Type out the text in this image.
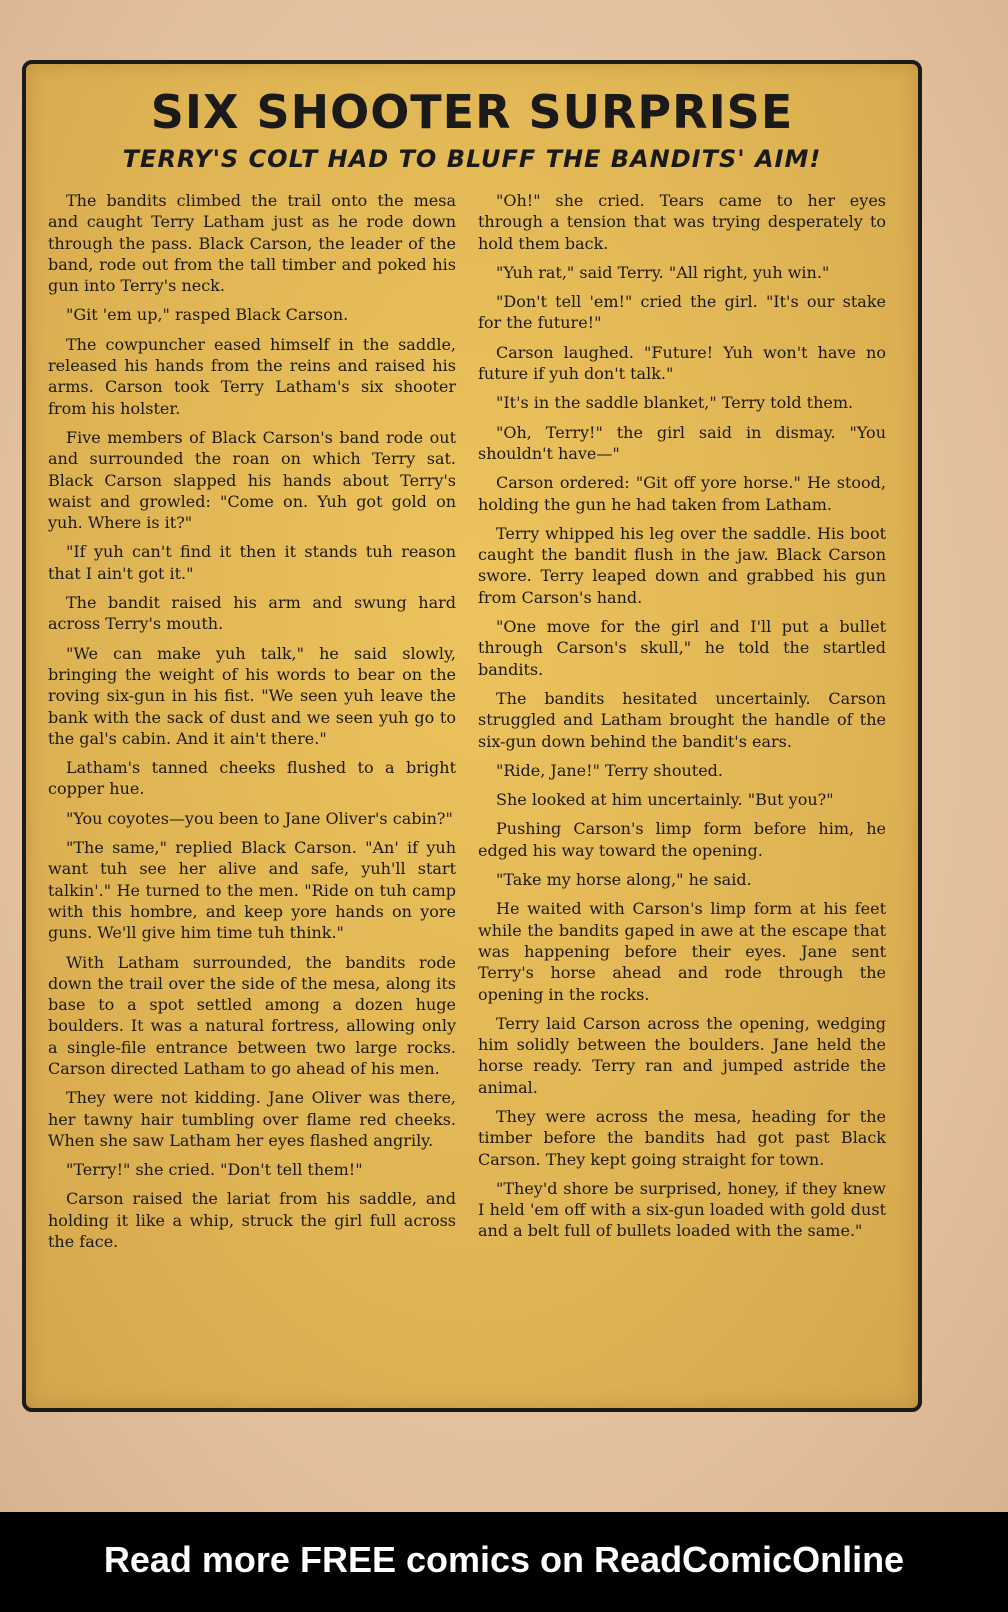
SIX SHOOTER SURPRISE
TERRY'S COLT HAD TO BLUFF THE BANDITS' AIM!

The bandits climbed the trail onto the mesa and caught Terry Latham just as he rode down through the pass. Black Carson, the leader of the band, rode out from the tall timber and poked his gun into Terry's neck.

"Git 'em up," rasped Black Carson.

The cowpuncher eased himself in the saddle, released his hands from the reins and raised his arms. Carson took Terry Latham's six shooter from his holster.

Five members of Black Carson's band rode out and surrounded the roan on which Terry sat. Black Carson slapped his hands about Terry's waist and growled: "Come on. Yuh got gold on yuh. Where is it?"

"If yuh can't find it then it stands tuh reason that I ain't got it."

The bandit raised his arm and swung hard across Terry's mouth.

"We can make yuh talk," he said slowly, bringing the weight of his words to bear on the roving six-gun in his fist. "We seen yuh leave the bank with the sack of dust and we seen yuh go to the gal's cabin. And it ain't there."

Latham's tanned cheeks flushed to a bright copper hue.

"You coyotes—you been to Jane Oliver's cabin?"

"The same," replied Black Carson. "An' if yuh want tuh see her alive and safe, yuh'll start talkin'." He turned to the men. "Ride on tuh camp with this hombre, and keep yore hands on yore guns. We'll give him time tuh think."

With Latham surrounded, the bandits rode down the trail over the side of the mesa, along its base to a spot settled among a dozen huge boulders. It was a natural fortress, allowing only a single-file entrance between two large rocks. Carson directed Latham to go ahead of his men.

They were not kidding. Jane Oliver was there, her tawny hair tumbling over flame red cheeks. When she saw Latham her eyes flashed angrily.

"Terry!" she cried. "Don't tell them!"

Carson raised the lariat from his saddle, and holding it like a whip, struck the girl full across the face.

"Oh!" she cried. Tears came to her eyes through a tension that was trying desperately to hold them back.

"Yuh rat," said Terry. "All right, yuh win."

"Don't tell 'em!" cried the girl. "It's our stake for the future!"

Carson laughed. "Future! Yuh won't have no future if yuh don't talk."

"It's in the saddle blanket," Terry told them.

"Oh, Terry!" the girl said in dismay. "You shouldn't have—"

Carson ordered: "Git off yore horse." He stood, holding the gun he had taken from Latham.

Terry whipped his leg over the saddle. His boot caught the bandit flush in the jaw. Black Carson swore. Terry leaped down and grabbed his gun from Carson's hand.

"One move for the girl and I'll put a bullet through Carson's skull," he told the startled bandits.

The bandits hesitated uncertainly. Carson struggled and Latham brought the handle of the six-gun down behind the bandit's ears.

"Ride, Jane!" Terry shouted.

She looked at him uncertainly. "But you?"

Pushing Carson's limp form before him, he edged his way toward the opening.

"Take my horse along," he said.

He waited with Carson's limp form at his feet while the bandits gaped in awe at the escape that was happening before their eyes. Jane sent Terry's horse ahead and rode through the opening in the rocks.

Terry laid Carson across the opening, wedging him solidly between the boulders. Jane held the horse ready. Terry ran and jumped astride the animal.

They were across the mesa, heading for the timber before the bandits had got past Black Carson. They kept going straight for town.

"They'd shore be surprised, honey, if they knew I held 'em off with a six-gun loaded with gold dust and a belt full of bullets loaded with the same."

Read more FREE comics on ReadComicOnline
